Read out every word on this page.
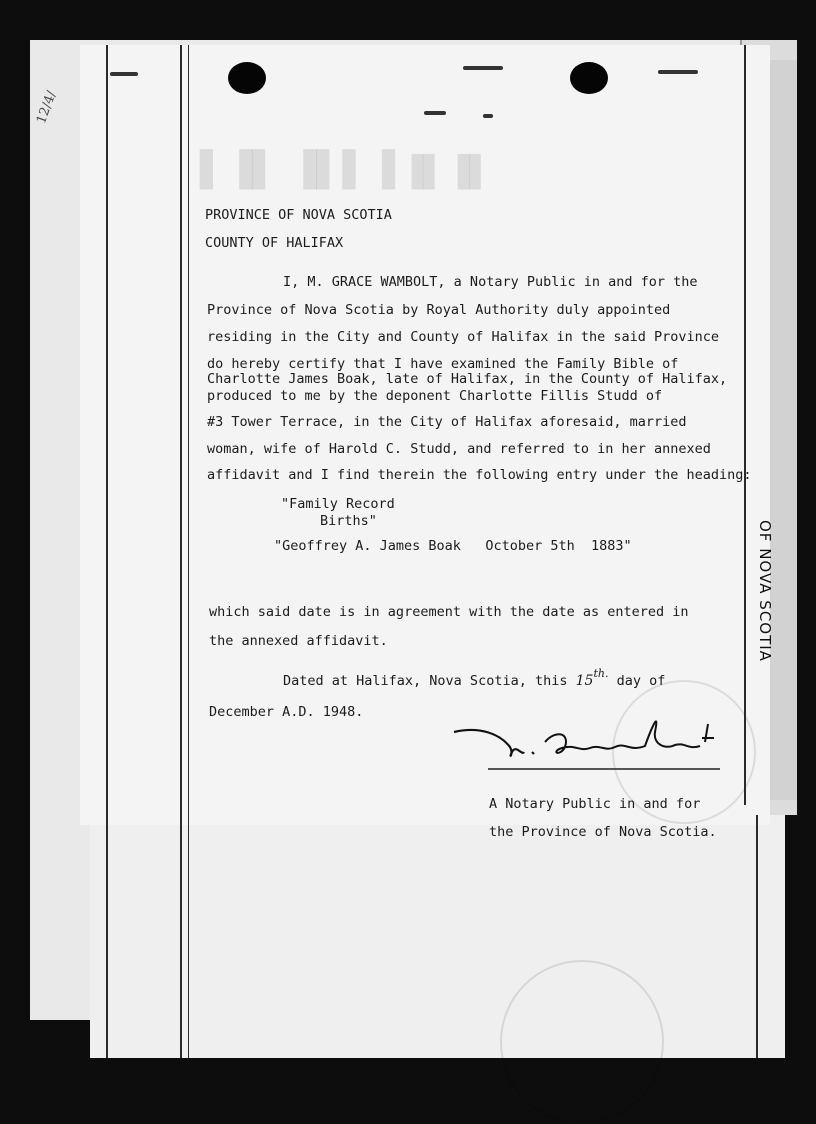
▌▐▌ ▐▌▌▐ ▐▌▐▌
12/4/
OF NOVA SCOTIA
PROVINCE OF NOVA SCOTIA
COUNTY OF HALIFAX
I, M. GRACE WAMBOLT, a Notary Public in and for the
Province of Nova Scotia by Royal Authority duly appointed
residing in the City and County of Halifax in the said Province
do hereby certify that I have examined the Family Bible of
Charlotte James Boak, late of Halifax, in the County of Halifax,
produced to me by the deponent Charlotte Fillis Studd of
#3 Tower Terrace, in the City of Halifax aforesaid, married
woman, wife of Harold C. Studd, and referred to in her annexed
affidavit and I find therein the following entry under the heading:
"Family Record
Births"
"Geoffrey A. James Boak   October 5th  1883"
which said date is in agreement with the date as entered in
the annexed affidavit.
Dated at Halifax, Nova Scotia, this $15^{th.}$ day of
December A.D. 1948.
A Notary Public in and for
the Province of Nova Scotia.
